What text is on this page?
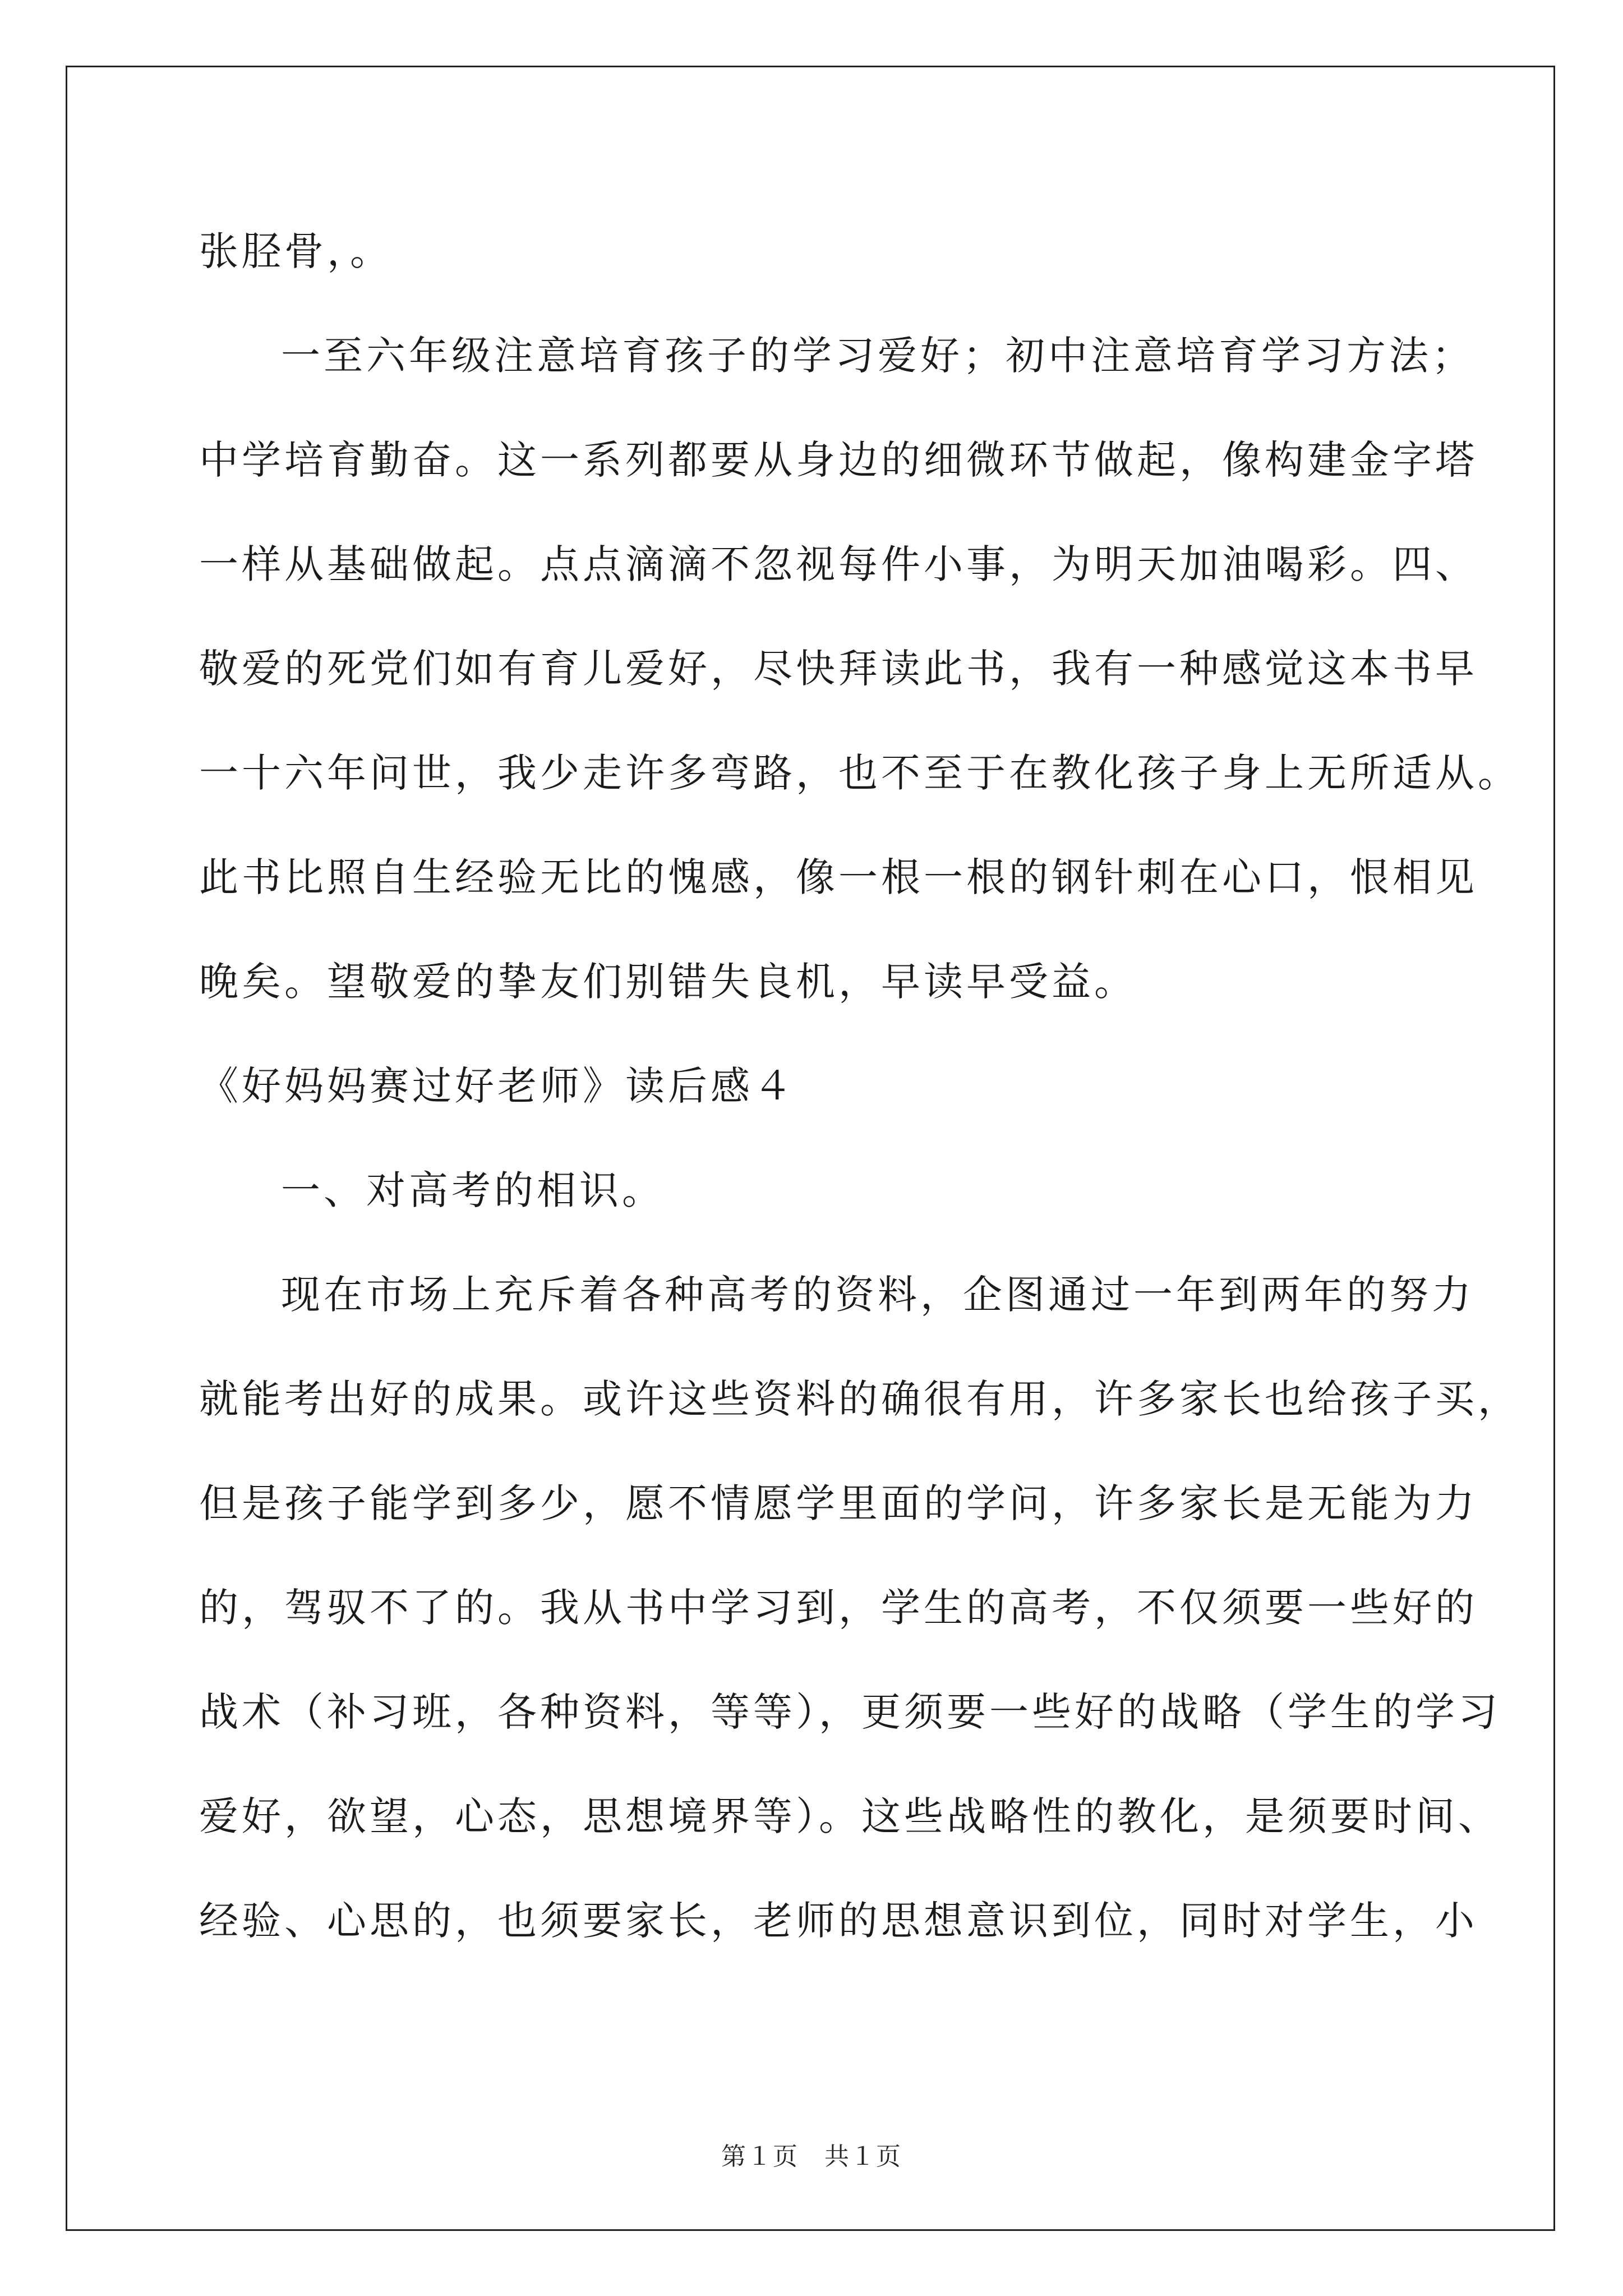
张胫骨，。
一至六年级注意培育孩子的学习爱好；初中注意培育学习方法；
中学培育勤奋。这一系列都要从身边的细微环节做起，像构建金字塔
一样从基础做起。点点滴滴不忽视每件小事，为明天加油喝彩。四、
敬爱的死党们如有育儿爱好，尽快拜读此书，我有一种感觉这本书早
一十六年问世，我少走许多弯路，也不至于在教化孩子身上无所适从。
此书比照自生经验无比的愧感，像一根一根的钢针刺在心口，恨相见
晚矣。望敬爱的挚友们别错失良机，早读早受益。
《好妈妈赛过好老师》读后感４
一、对高考的相识。
现在市场上充斥着各种高考的资料，企图通过一年到两年的努力
就能考出好的成果。或许这些资料的确很有用，许多家长也给孩子买，
但是孩子能学到多少，愿不情愿学里面的学问，许多家长是无能为力
的，驾驭不了的。我从书中学习到，学生的高考，不仅须要一些好的
战术（补习班，各种资料，等等），更须要一些好的战略（学生的学习
爱好，欲望，心态，思想境界等）。这些战略性的教化，是须要时间、
经验、心思的，也须要家长，老师的思想意识到位，同时对学生，小
第１页　共１页
